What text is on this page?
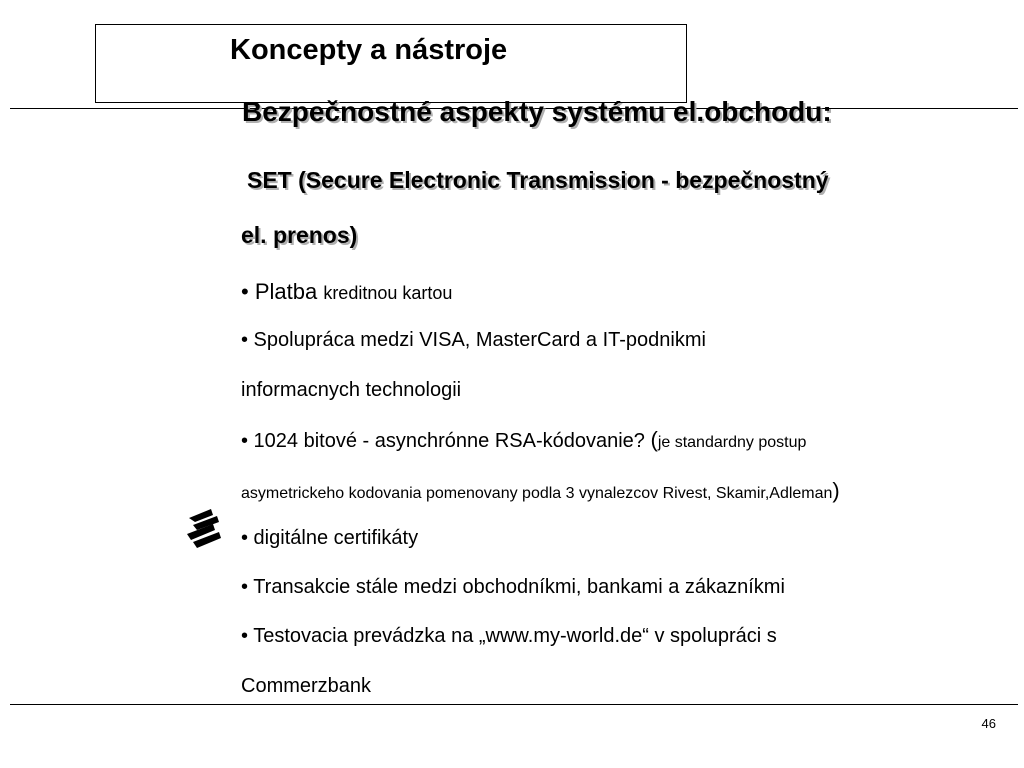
Koncepty a nástroje
Bezpečnostné aspekty systému el.obchodu:
SET (Secure Electronic Transmission - bezpečnostný
el. prenos)
• Platba kreditnou kartou
• Spolupráca medzi VISA, MasterCard a IT-podnikmi
informacnych technologii
• 1024 bitové - asynchrónne RSA-kódovanie? (je standardny postup
asymetrickeho kodovania pomenovany podla 3 vynalezcov Rivest, Skamir,Adleman)
• digitálne certifikáty
• Transakcie stále medzi obchodníkmi, bankami a zákazníkmi
• Testovacia prevádzka na „www.my-world.de“ v spolupráci s
Commerzbank
46
